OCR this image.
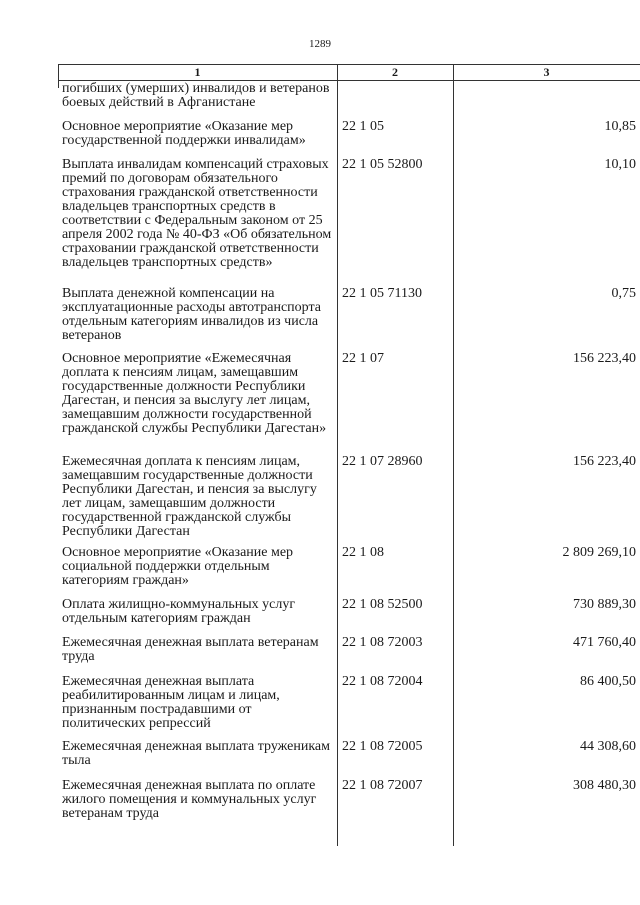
1289
1	2	3
погибших (умерших) инвалидов и ветеранов боевых действий в Афганистане
Основное мероприятие «Оказание мер государственной поддержки инвалидам»
22 1 05	10,85
Выплата инвалидам компенсаций страховых премий по договорам обязательного страхования гражданской ответственности владельцев транспортных средств в соответствии с Федеральным законом от 25 апреля 2002 года № 40-ФЗ «Об обязательном страховании гражданской ответственности владельцев транспортных средств»
22 1 05 52800	10,10
Выплата денежной компенсации на эксплуатационные расходы автотранспорта отдельным категориям инвалидов из числа ветеранов
22 1 05 71130	0,75
Основное мероприятие «Ежемесячная доплата к пенсиям лицам, замещавшим государственные должности Республики Дагестан, и пенсия за выслугу лет лицам, замещавшим должности государственной гражданской службы Республики Дагестан»
22 1 07	156 223,40
Ежемесячная доплата к пенсиям лицам, замещавшим государственные должности Республики Дагестан, и пенсия за выслугу лет лицам, замещавшим должности государственной гражданской службы Республики Дагестан
22 1 07 28960	156 223,40
Основное мероприятие «Оказание мер социальной поддержки отдельным категориям граждан»
22 1 08	2 809 269,10
Оплата жилищно-коммунальных услуг отдельным категориям граждан
22 1 08 52500	730 889,30
Ежемесячная денежная выплата ветеранам труда
22 1 08 72003	471 760,40
Ежемесячная денежная выплата реабилитированным лицам и лицам, признанным пострадавшими от политических репрессий
22 1 08 72004	86 400,50
Ежемесячная денежная выплата труженикам тыла
22 1 08 72005	44 308,60
Ежемесячная денежная выплата по оплате жилого помещения и коммунальных услуг ветеранам труда
22 1 08 72007	308 480,30
